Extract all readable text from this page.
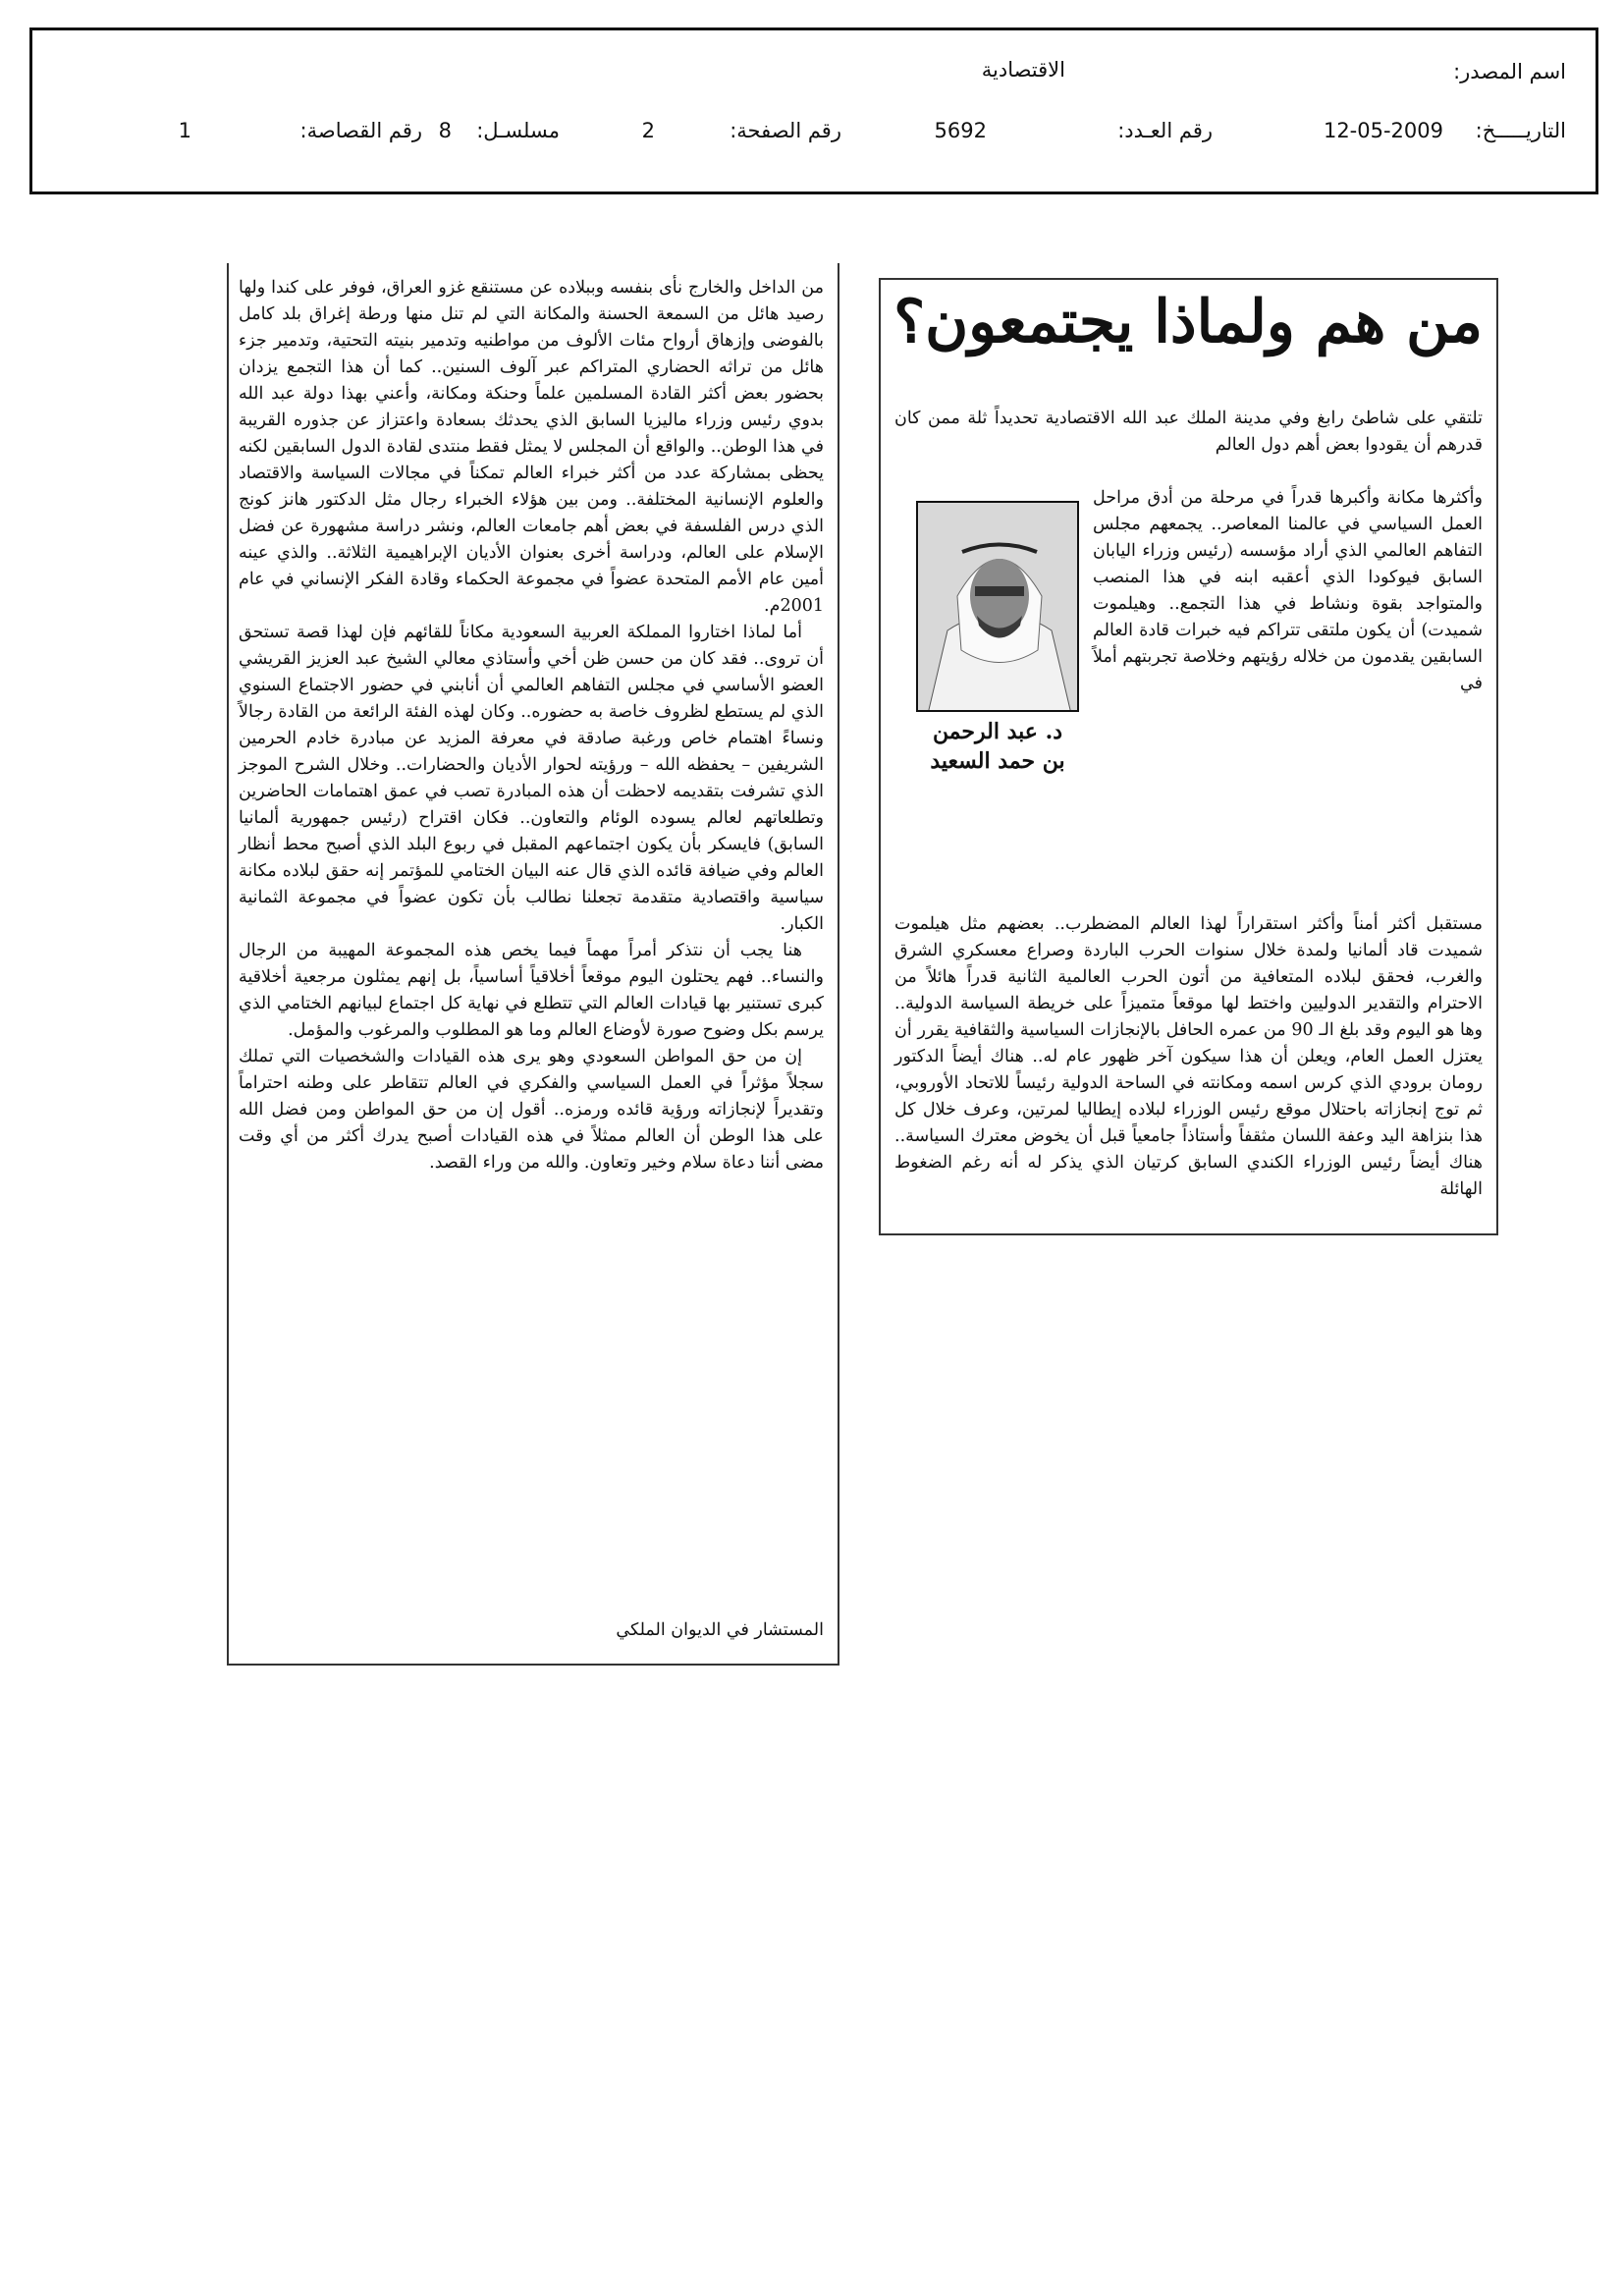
اسم المصدر:
الاقتصادية
التاريـــــخ:
12-05-2009
رقم العـدد:
5692
رقم الصفحة:
2
مسلسـل:
8
رقم القصاصة:
1
من هم ولماذا يجتمعون؟

تلتقي على شاطئ رابغ وفي مدينة الملك عبد الله الاقتصادية تحديداً ثلة ممن كان قدرهم أن يقودوا بعض أهم دول العالم

د. عبد الرحمن
بن حمد السعيد

وأكثرها مكانة وأكبرها قدراً في مرحلة من أدق مراحل العمل السياسي في عالمنا المعاصر.. يجمعهم مجلس التفاهم العالمي الذي أراد مؤسسه (رئيس وزراء اليابان السابق فيوكودا الذي أعقبه ابنه في هذا المنصب والمتواجد بقوة ونشاط في هذا التجمع.. وهيلموت شميدت) أن يكون ملتقى تتراكم فيه خبرات قادة العالم السابقين يقدمون من خلاله رؤيتهم وخلاصة تجربتهم أملاً في

مستقبل أكثر أمناً وأكثر استقراراً لهذا العالم المضطرب.. بعضهم مثل هيلموت شميدت قاد ألمانيا ولمدة خلال سنوات الحرب الباردة وصراع معسكري الشرق والغرب، فحقق لبلاده المتعافية من أتون الحرب العالمية الثانية قدراً هائلاً من الاحترام والتقدير الدوليين واختط لها موقعاً متميزاً على خريطة السياسة الدولية.. وها هو اليوم وقد بلغ الـ 90 من عمره الحافل بالإنجازات السياسية والثقافية يقرر أن يعتزل العمل العام، ويعلن أن هذا سيكون آخر ظهور عام له.. هناك أيضاً الدكتور رومان برودي الذي كرس اسمه ومكانته في الساحة الدولية رئيساً للاتحاد الأوروبي، ثم توج إنجازاته باحتلال موقع رئيس الوزراء لبلاده إيطاليا لمرتين، وعرف خلال كل هذا بنزاهة اليد وعفة اللسان مثقفاً وأستاذاً جامعياً قبل أن يخوض معترك السياسة.. هناك أيضاً رئيس الوزراء الكندي السابق كرتيان الذي يذكر له أنه رغم الضغوط الهائلة

من الداخل والخارج نأى بنفسه وببلاده عن مستنقع غزو العراق، فوفر على كندا ولها رصيد هائل من السمعة الحسنة والمكانة التي لم تنل منها ورطة إغراق بلد كامل بالفوضى وإزهاق أرواح مئات الألوف من مواطنيه وتدمير بنيته التحتية، وتدمير جزء هائل من تراثه الحضاري المتراكم عبر آلوف السنين.. كما أن هذا التجمع يزدان بحضور بعض أكثر القادة المسلمين علماً وحنكة ومكانة، وأعني بهذا دولة عبد الله بدوي رئيس وزراء ماليزيا السابق الذي يحدثك بسعادة واعتزاز عن جذوره القريبة في هذا الوطن.. والواقع أن المجلس لا يمثل فقط منتدى لقادة الدول السابقين لكنه يحظى بمشاركة عدد من أكثر خبراء العالم تمكناً في مجالات السياسة والاقتصاد والعلوم الإنسانية المختلفة.. ومن بين هؤلاء الخبراء رجال مثل الدكتور هانز كونج الذي درس الفلسفة في بعض أهم جامعات العالم، ونشر دراسة مشهورة عن فضل الإسلام على العالم، ودراسة أخرى بعنوان الأديان الإبراهيمية الثلاثة.. والذي عينه أمين عام الأمم المتحدة عضواً في مجموعة الحكماء وقادة الفكر الإنساني في عام 2001م.

أما لماذا اختاروا المملكة العربية السعودية مكاناً للقائهم فإن لهذا قصة تستحق أن تروى.. فقد كان من حسن ظن أخي وأستاذي معالي الشيخ عبد العزيز القريشي العضو الأساسي في مجلس التفاهم العالمي أن أنابني في حضور الاجتماع السنوي الذي لم يستطع لظروف خاصة به حضوره.. وكان لهذه الفئة الرائعة من القادة رجالاً ونساءً اهتمام خاص ورغبة صادقة في معرفة المزيد عن مبادرة خادم الحرمين الشريفين – يحفظه الله – ورؤيته لحوار الأديان والحضارات.. وخلال الشرح الموجز الذي تشرفت بتقديمه لاحظت أن هذه المبادرة تصب في عمق اهتمامات الحاضرين وتطلعاتهم لعالم يسوده الوئام والتعاون.. فكان اقتراح (رئيس جمهورية ألمانيا السابق) فايسكر بأن يكون اجتماعهم المقبل في ربوع البلد الذي أصبح محط أنظار العالم وفي ضيافة قائده الذي قال عنه البيان الختامي للمؤتمر إنه حقق لبلاده مكانة سياسية واقتصادية متقدمة تجعلنا نطالب بأن تكون عضواً في مجموعة الثمانية الكبار.

هنا يجب أن نتذكر أمراً مهماً فيما يخص هذه المجموعة المهيبة من الرجال والنساء.. فهم يحتلون اليوم موقعاً أخلاقياً أساسياً، بل إنهم يمثلون مرجعية أخلاقية كبرى تستنير بها قيادات العالم التي تتطلع في نهاية كل اجتماع لبيانهم الختامي الذي يرسم بكل وضوح صورة لأوضاع العالم وما هو المطلوب والمرغوب والمؤمل.

إن من حق المواطن السعودي وهو يرى هذه القيادات والشخصيات التي تملك سجلاً مؤثراً في العمل السياسي والفكري في العالم تتقاطر على وطنه احتراماً وتقديراً لإنجازاته ورؤية قائده ورمزه.. أقول إن من حق المواطن ومن فضل الله على هذا الوطن أن العالم ممثلاً في هذه القيادات أصبح يدرك أكثر من أي وقت مضى أننا دعاة سلام وخير وتعاون. والله من وراء القصد.

المستشار في الديوان الملكي
